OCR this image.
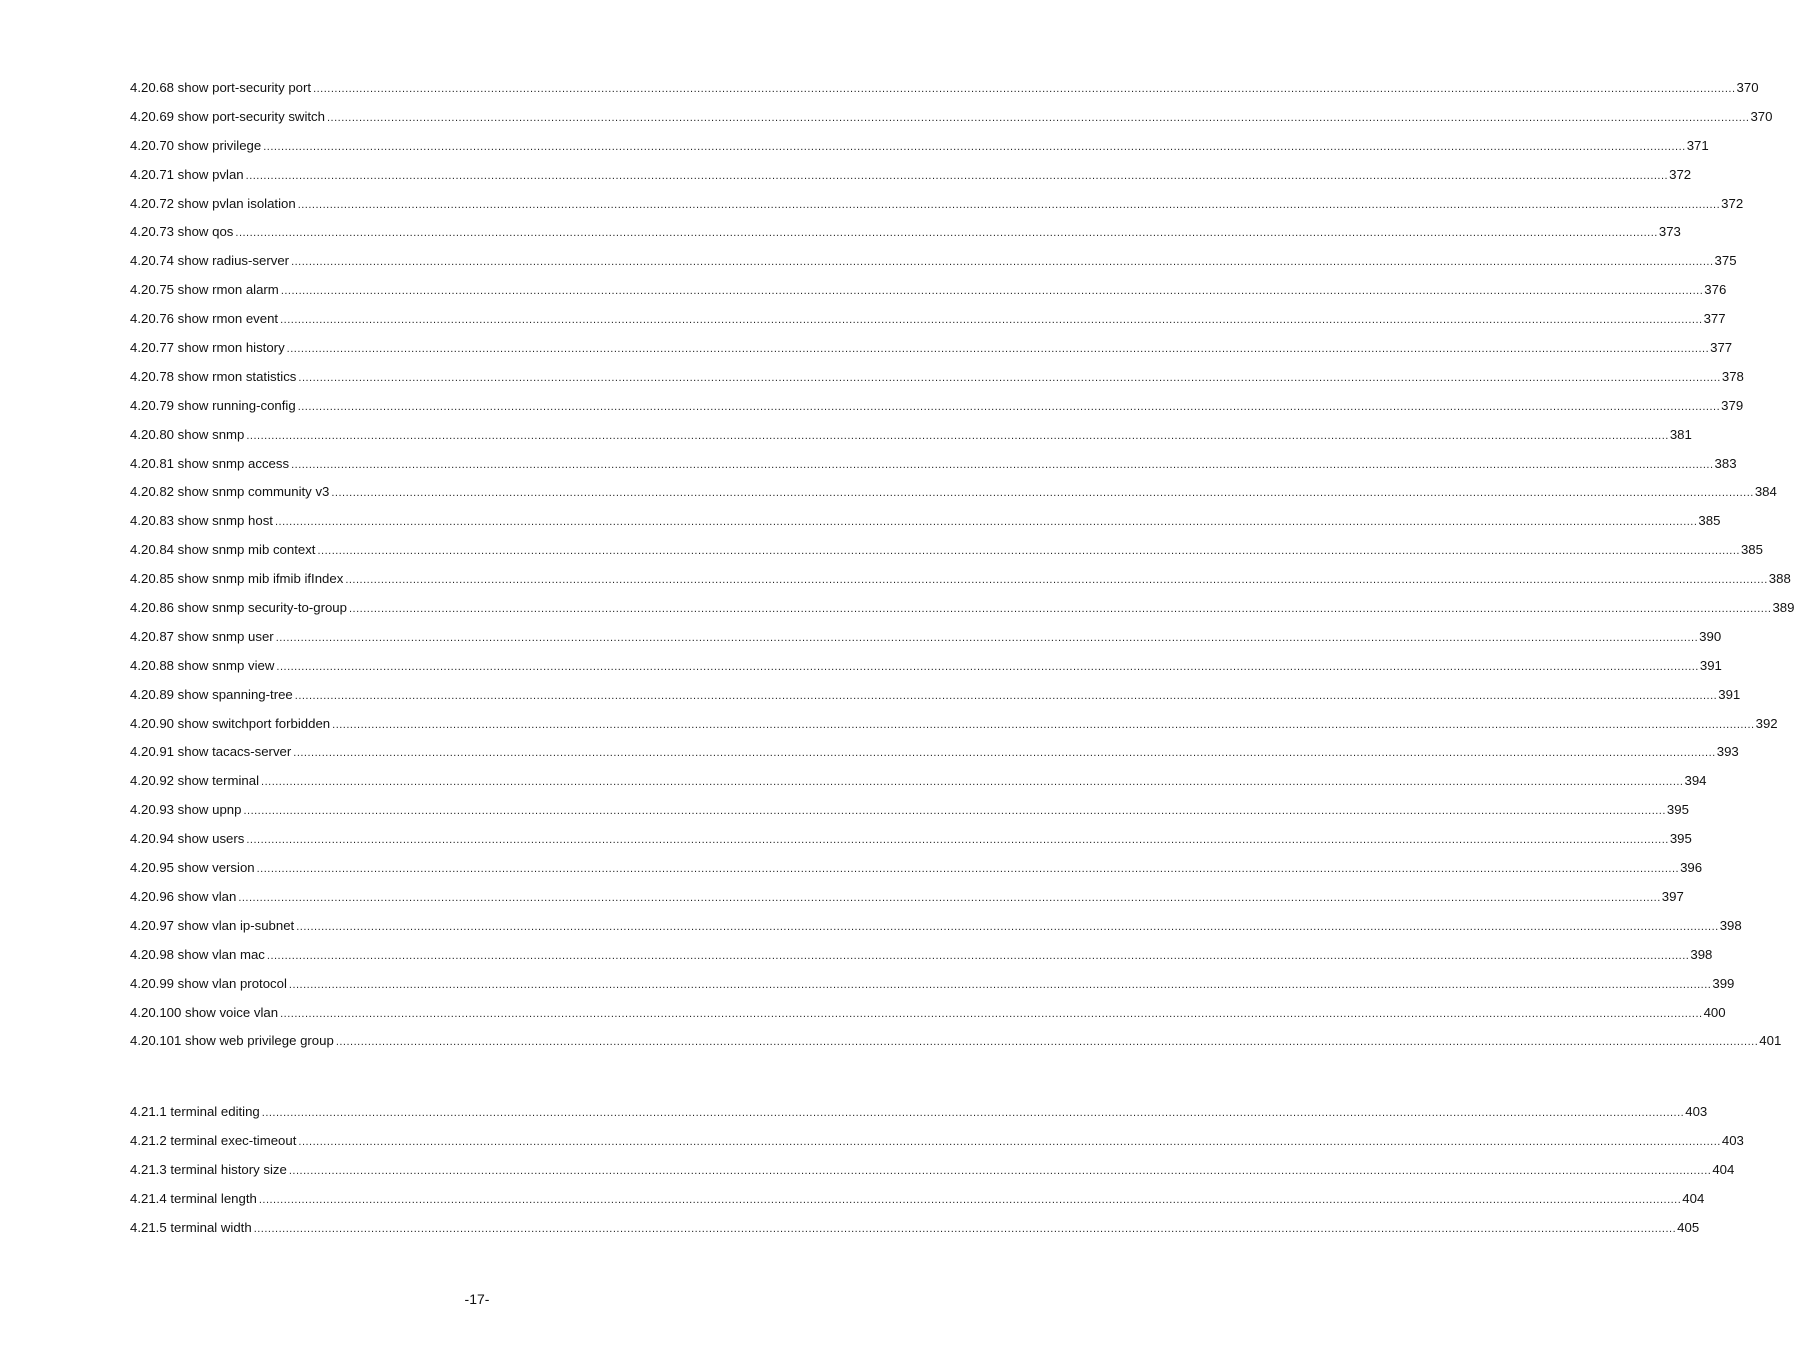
4.20.68 show port-security port ................................................................................................................................................................................................................................................................................................................................................................................................................ 370
4.20.69 show port-security switch ................................................................................................................................................................................................................................................................................................................................................................................................................ 370
4.20.70 show privilege ................................................................................................................................................................................................................................................................................................................................................................................................................ 371
4.20.71 show pvlan ................................................................................................................................................................................................................................................................................................................................................................................................................ 372
4.20.72 show pvlan isolation ................................................................................................................................................................................................................................................................................................................................................................................................................ 372
4.20.73 show qos ................................................................................................................................................................................................................................................................................................................................................................................................................ 373
4.20.74 show radius-server ................................................................................................................................................................................................................................................................................................................................................................................................................ 375
4.20.75 show rmon alarm ................................................................................................................................................................................................................................................................................................................................................................................................................ 376
4.20.76 show rmon event ................................................................................................................................................................................................................................................................................................................................................................................................................ 377
4.20.77 show rmon history ................................................................................................................................................................................................................................................................................................................................................................................................................ 377
4.20.78 show rmon statistics ................................................................................................................................................................................................................................................................................................................................................................................................................ 378
4.20.79 show running-config ................................................................................................................................................................................................................................................................................................................................................................................................................ 379
4.20.80 show snmp ................................................................................................................................................................................................................................................................................................................................................................................................................ 381
4.20.81 show snmp access ................................................................................................................................................................................................................................................................................................................................................................................................................ 383
4.20.82 show snmp community v3 ................................................................................................................................................................................................................................................................................................................................................................................................................ 384
4.20.83 show snmp host ................................................................................................................................................................................................................................................................................................................................................................................................................ 385
4.20.84 show snmp mib context ................................................................................................................................................................................................................................................................................................................................................................................................................ 385
4.20.85 show snmp mib ifmib ifIndex ................................................................................................................................................................................................................................................................................................................................................................................................................ 388
4.20.86 show snmp security-to-group ................................................................................................................................................................................................................................................................................................................................................................................................................ 389
4.20.87 show snmp user ................................................................................................................................................................................................................................................................................................................................................................................................................ 390
4.20.88 show snmp view ................................................................................................................................................................................................................................................................................................................................................................................................................ 391
4.20.89 show spanning-tree ................................................................................................................................................................................................................................................................................................................................................................................................................ 391
4.20.90 show switchport forbidden ................................................................................................................................................................................................................................................................................................................................................................................................................ 392
4.20.91 show tacacs-server ................................................................................................................................................................................................................................................................................................................................................................................................................ 393
4.20.92 show terminal ................................................................................................................................................................................................................................................................................................................................................................................................................ 394
4.20.93 show upnp ................................................................................................................................................................................................................................................................................................................................................................................................................ 395
4.20.94 show users ................................................................................................................................................................................................................................................................................................................................................................................................................ 395
4.20.95 show version ................................................................................................................................................................................................................................................................................................................................................................................................................ 396
4.20.96 show vlan ................................................................................................................................................................................................................................................................................................................................................................................................................ 397
4.20.97 show vlan ip-subnet ................................................................................................................................................................................................................................................................................................................................................................................................................ 398
4.20.98 show vlan mac ................................................................................................................................................................................................................................................................................................................................................................................................................ 398
4.20.99 show vlan protocol ................................................................................................................................................................................................................................................................................................................................................................................................................ 399
4.20.100 show voice vlan ................................................................................................................................................................................................................................................................................................................................................................................................................ 400
4.20.101 show web privilege group ................................................................................................................................................................................................................................................................................................................................................................................................................ 401
4.21.1 terminal editing ................................................................................................................................................................................................................................................................................................................................................................................................................ 403
4.21.2 terminal exec-timeout ................................................................................................................................................................................................................................................................................................................................................................................................................ 403
4.21.3 terminal history size ................................................................................................................................................................................................................................................................................................................................................................................................................ 404
4.21.4 terminal length ................................................................................................................................................................................................................................................................................................................................................................................................................ 404
4.21.5 terminal width ................................................................................................................................................................................................................................................................................................................................................................................................................ 405
-17-
